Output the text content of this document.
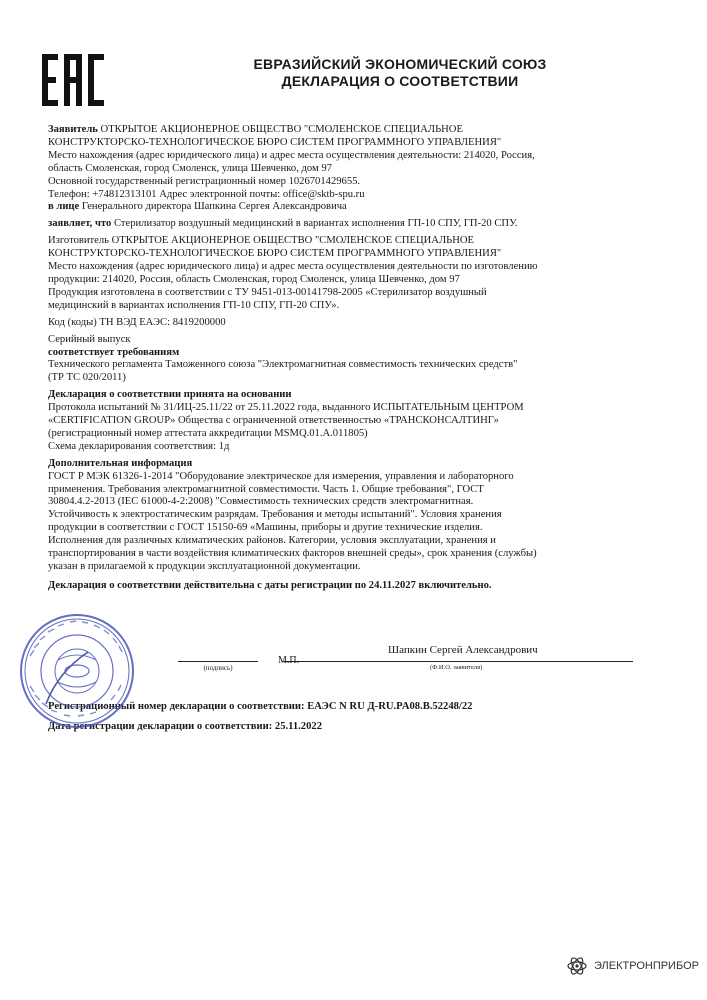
ЕВРАЗИЙСКИЙ ЭКОНОМИЧЕСКИЙ СОЮЗ
ДЕКЛАРАЦИЯ О СООТВЕТСТВИИ

Заявитель ОТКРЫТОЕ АКЦИОНЕРНОЕ ОБЩЕСТВО "СМОЛЕНСКОЕ СПЕЦИАЛЬНОЕ

КОНСТРУКТОРСКО-ТЕХНОЛОГИЧЕСКОЕ БЮРО СИСТЕМ ПРОГРАММНОГО УПРАВЛЕНИЯ"

Место нахождения (адрес юридического лица) и адрес места осуществления деятельности: 214020, Россия,

область Смоленская, город Смоленск, улица Шевченко, дом 97

Основной государственный регистрационный номер 1026701429655.

Телефон: +74812313101 Адрес электронной почты: office@sktb-spu.ru

в лице Генерального директора Шапкина Сергея Александровича

заявляет, что Стерилизатор воздушный медицинский в вариантах исполнения ГП-10 СПУ, ГП-20 СПУ.

Изготовитель ОТКРЫТОЕ АКЦИОНЕРНОЕ ОБЩЕСТВО "СМОЛЕНСКОЕ СПЕЦИАЛЬНОЕ

КОНСТРУКТОРСКО-ТЕХНОЛОГИЧЕСКОЕ БЮРО СИСТЕМ ПРОГРАММНОГО УПРАВЛЕНИЯ"

Место нахождения (адрес юридического лица) и адрес места осуществления деятельности по изготовлению

продукции: 214020, Россия, область Смоленская, город Смоленск, улица Шевченко, дом 97

Продукция изготовлена в соответствии с ТУ 9451-013-00141798-2005 «Стерилизатор воздушный

медицинский в вариантах исполнения ГП-10 СПУ, ГП-20 СПУ».

Код (коды) ТН ВЭД ЕАЭС: 8419200000

Серийный выпуск

соответствует требованиям

Технического регламента Таможенного союза "Электромагнитная совместимость технических средств"

(ТР ТС 020/2011)

Декларация о соответствии принята на основании

Протокола испытаний № 31/ИЦ-25.11/22 от 25.11.2022 года, выданного ИСПЫТАТЕЛЬНЫМ ЦЕНТРОМ

«CERTIFICATION GROUP» Общества с ограниченной ответственностью «ТРАНСКОНСАЛТИНГ»

(регистрационный номер аттестата аккредитации MSMQ.01.A.011805)

Схема декларирования соответствия: 1д

Дополнительная информация

ГОСТ Р МЭК 61326-1-2014 "Оборудование электрическое для измерения, управления и лабораторного

применения. Требования электромагнитной совместимости. Часть 1. Общие требования", ГОСТ

30804.4.2-2013 (IEC 61000-4-2:2008) "Совместимость технических средств электромагнитная.

Устойчивость к электростатическим разрядам. Требования и методы испытаний". Условия хранения

продукции в соответствии с ГОСТ 15150-69 «Машины, приборы и другие технические изделия.

Исполнения для различных климатических районов. Категории, условия эксплуатации, хранения и

транспортирования в части воздействия климатических факторов внешней среды», срок хранения (службы)

указан в прилагаемой к продукции эксплуатационной документации.

Декларация о соответствии действительна с даты регистрации по 24.11.2027 включительно.

(подпись)
М.П.
Шапкин Сергей Александрович
(Ф.И.О. заявителя)
Регистрационный номер декларации о соответствии: ЕАЭС N RU Д-RU.PA08.B.52248/22
Дата регистрации декларации о соответствии: 25.11.2022
ЭЛЕКТРОНПРИБОР
